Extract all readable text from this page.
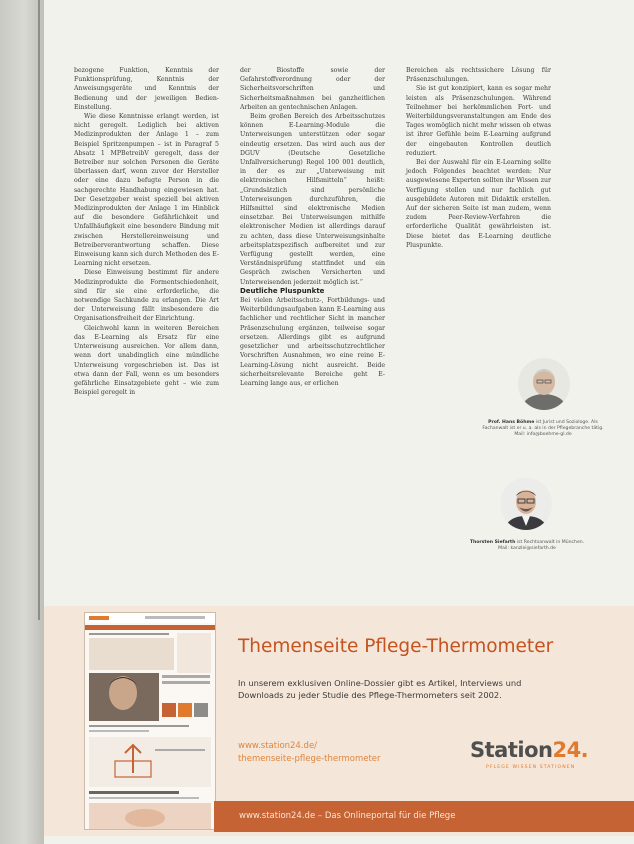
bezogene Funktion, Kenntnis der Funktionsprüfung, Kenntnis der Anweisungsgeräte und Kenntnis der Bedienung und der jeweiligen Bedien-Einstellung.

Wie diese Kenntnisse erlangt werden, ist nicht geregelt. Lediglich bei aktiven Medizinprodukten der Anlage 1 – zum Beispiel Spritzenpumpen – ist in Paragraf 5 Absatz 1 MPBetreibV geregelt, dass der Betreiber nur solchen Personen die Geräte überlassen darf, wenn zuvor der Hersteller oder eine dazu befugte Person in die sachgerechte Handhabung eingewiesen hat. Der Gesetzgeber weist speziell bei aktiven Medizinprodukten der Anlage 1 im Hinblick auf die besondere Gefährlichkeit und Unfallhäufigkeit eine besondere Bindung mit zwischen Herstellereinweisung und Betreiberverantwortung schaffen. Diese Einweisung kann sich durch Methoden des E-Learning nicht ersetzen.

Diese Einweisung bestimmt für andere Medizinprodukte die Formentschiedenheit, sind für sie eine erforderliche, die notwendige Sachkunde zu erlangen. Die Art der Unterweisung fällt insbesondere die Organisationsfreiheit der Einrichtung.

Gleichwohl kann in weiteren Bereichen das E-Learning als Ersatz für eine Unterweisung ausreichen. Vor allem dann, wenn dort unabdinglich eine mündliche Unterweisung vorgeschrieben ist. Das ist etwa dann der Fall, wenn es um besonders gefährliche Einsatzgebiete geht – wie zum Beispiel geregelt in

der Biostoffe sowie der Gefahrstoffverordnung oder der Sicherheitsvorschriften und Sicherheitsmaßnahmen bei ganzheitlichen Arbeiten an gentechnischen Anlagen.

Beim großen Bereich des Arbeitsschutzes können E-Learning-Module die Unterweisungen unterstützen oder sogar eindeutig ersetzen. Das wird auch aus der DGUV (Deutsche Gesetzliche Unfallversicherung) Regel 100 001 deutlich, in der es zur „Unterweisung mit elektronischen Hilfsmitteln“ heißt: „Grundsätzlich sind persönliche Unterweisungen durchzuführen, die Hilfsmittel sind elektronische Medien einsetzbar. Bei Unterweisungen mithilfe elektronischer Medien ist allerdings darauf zu achten, dass diese Unterweisungsinhalte arbeitsplatzspezifisch aufbereitet und zur Verfügung gestellt werden, eine Verständnisprüfung stattfindet und ein Gespräch zwischen Versicherten und Unterweisenden jederzeit möglich ist.“

Deutliche Pluspunkte

Bei vielen Arbeitsschutz-, Fortbildungs- und Weiterbildungsaufgaben kann E-Learning aus fachlicher und rechtlicher Sicht in mancher Präsenzschulung ergänzen, teilweise sogar ersetzen. Allerdings gibt es aufgrund gesetzlicher und arbeitsschutzrechtlicher Vorschriften Ausnahmen, wo eine reine E-Learning-Lösung nicht ausreicht. Beide sicherheitsrelevante Bereiche geht E-Learning lange aus, er erlichen

Bereichen als rechtssichere Lösung für Präsenzschulungen.

Sie ist gut konzipiert, kann es sogar mehr leisten als Präsenzschulungen. Während Teilnehmer bei herkömmlichen Fort- und Weiterbildungsveranstaltungen am Ende des Tages womöglich nicht mehr wissen ob etwas ist ihrer Gefühle beim E-Learning aufgrund der eingebauten Kontrollen deutlich reduziert.

Bei der Auswahl für ein E-Learning sollte jedoch Folgendes beachtet werden: Nur ausgewiesene Experten sollten ihr Wissen zur Verfügung stellen und nur fachlich gut ausgebildete Autoren mit Didaktik erstellen. Auf der sicheren Seite ist man zudem, wenn zudem Peer-Review-Verfahren die erforderliche Qualität gewährleisten ist. Diese bietet das E-Learning deutliche Pluspunkte.

Prof. Hans Böhme ist Jurist und Soziologe. Als Fachanwalt ist er u. a. als in der Pflegebranche tätig.
Mail: info@boehme-gl.de
Thorsten Siefarth ist Rechtsanwalt in München.
Mail: kanzlei@siefarth.de
Themenseite Pflege-Thermometer
In unserem exklusiven Online-Dossier gibt es Artikel, Interviews und Downloads zu jeder Studie des Pflege-Thermometers seit 2002.
www.station24.de/
themenseite-pflege-thermometer	Station24.
PFLEGE WISSEN STATIONEN
www.station24.de – Das Onlineportal für die Pflege
